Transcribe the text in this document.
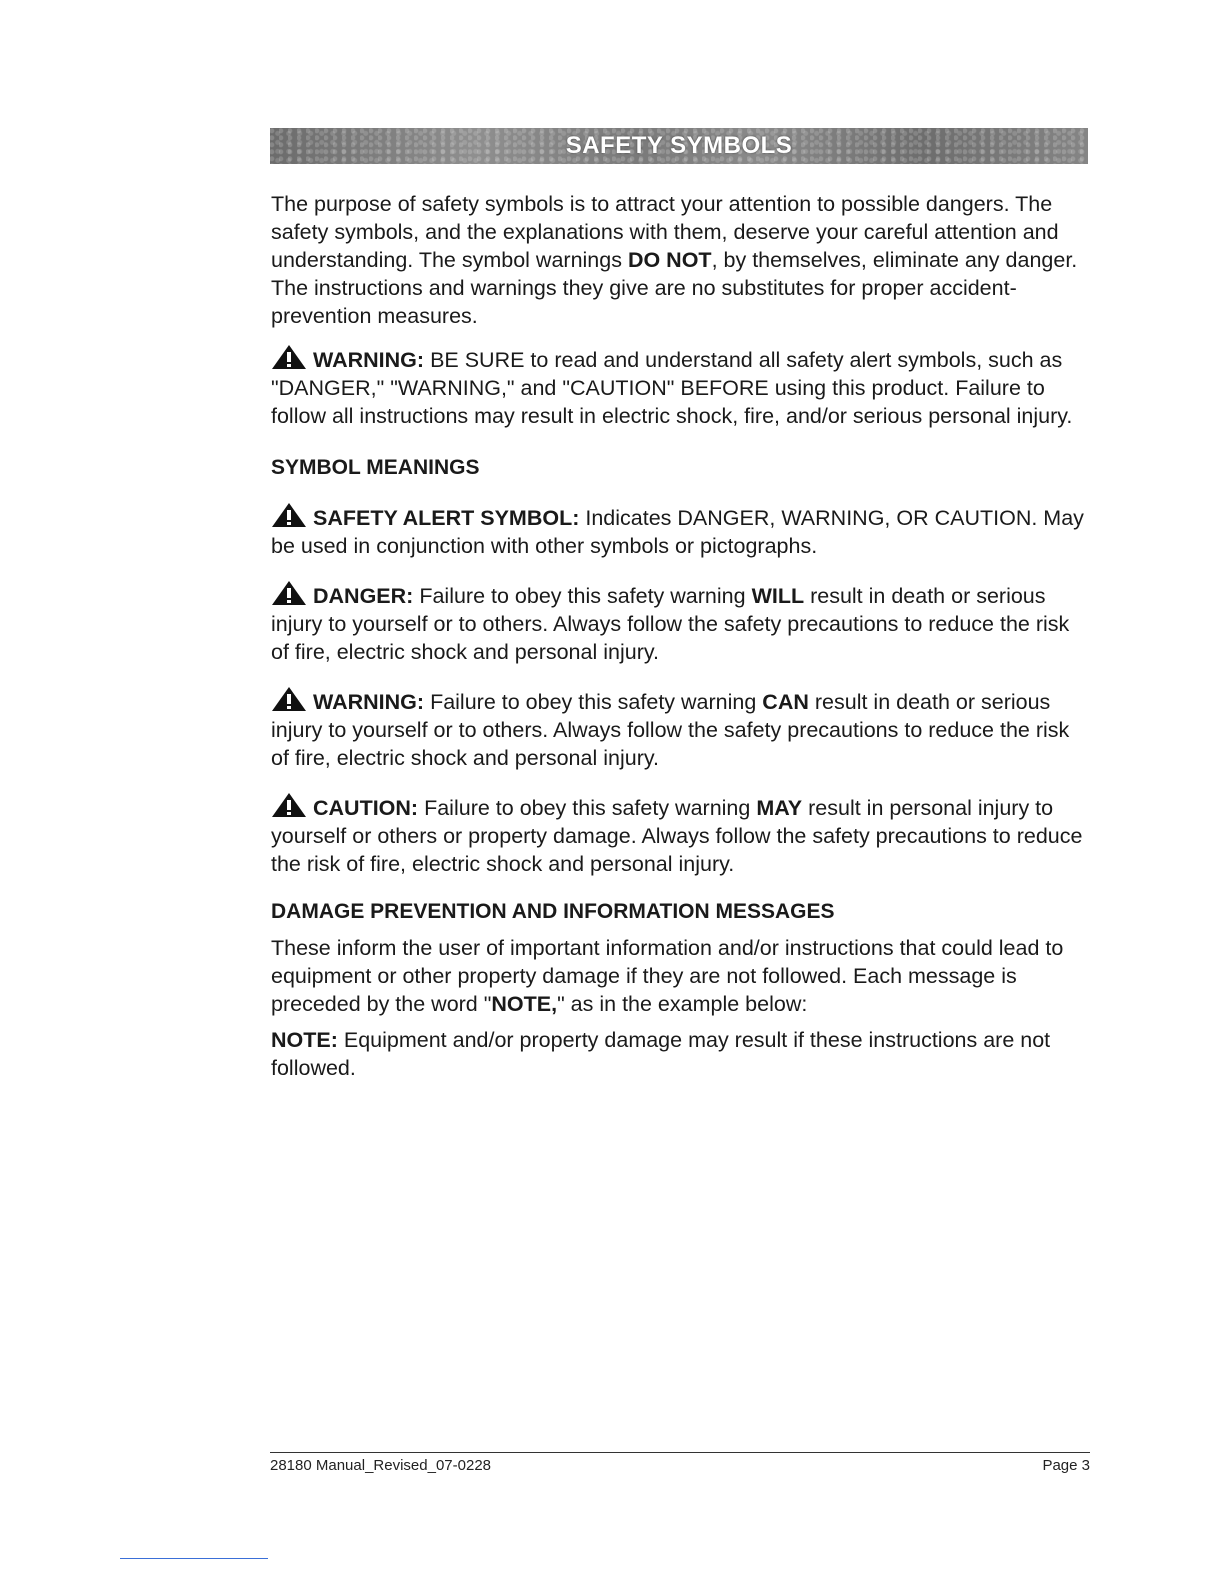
SAFETY SYMBOLS

The purpose of safety symbols is to attract your attention to possible dangers. The safety symbols, and the explanations with them, deserve your careful attention and understanding. The symbol warnings DO NOT, by themselves, eliminate any danger. The instructions and warnings they give are no substitutes for proper accident-prevention measures.

WARNING: BE SURE to read and understand all safety alert symbols, such as "DANGER," "WARNING," and "CAUTION" BEFORE using this product. Failure to follow all instructions may result in electric shock, fire, and/or serious personal injury.

SYMBOL MEANINGS

SAFETY ALERT SYMBOL: Indicates DANGER, WARNING, OR CAUTION. May be used in conjunction with other symbols or pictographs.

DANGER: Failure to obey this safety warning WILL result in death or serious injury to yourself or to others. Always follow the safety precautions to reduce the risk of fire, electric shock and personal injury.

WARNING: Failure to obey this safety warning CAN result in death or serious injury to yourself or to others. Always follow the safety precautions to reduce the risk of fire, electric shock and personal injury.

CAUTION: Failure to obey this safety warning MAY result in personal injury to yourself or others or property damage. Always follow the safety precautions to reduce the risk of fire, electric shock and personal injury.

DAMAGE PREVENTION AND INFORMATION MESSAGES

These inform the user of important information and/or instructions that could lead to equipment or other property damage if they are not followed. Each message is preceded by the word "NOTE," as in the example below:

NOTE: Equipment and/or property damage may result if these instructions are not followed.

28180 Manual_Revised_07-0228	Page 3
